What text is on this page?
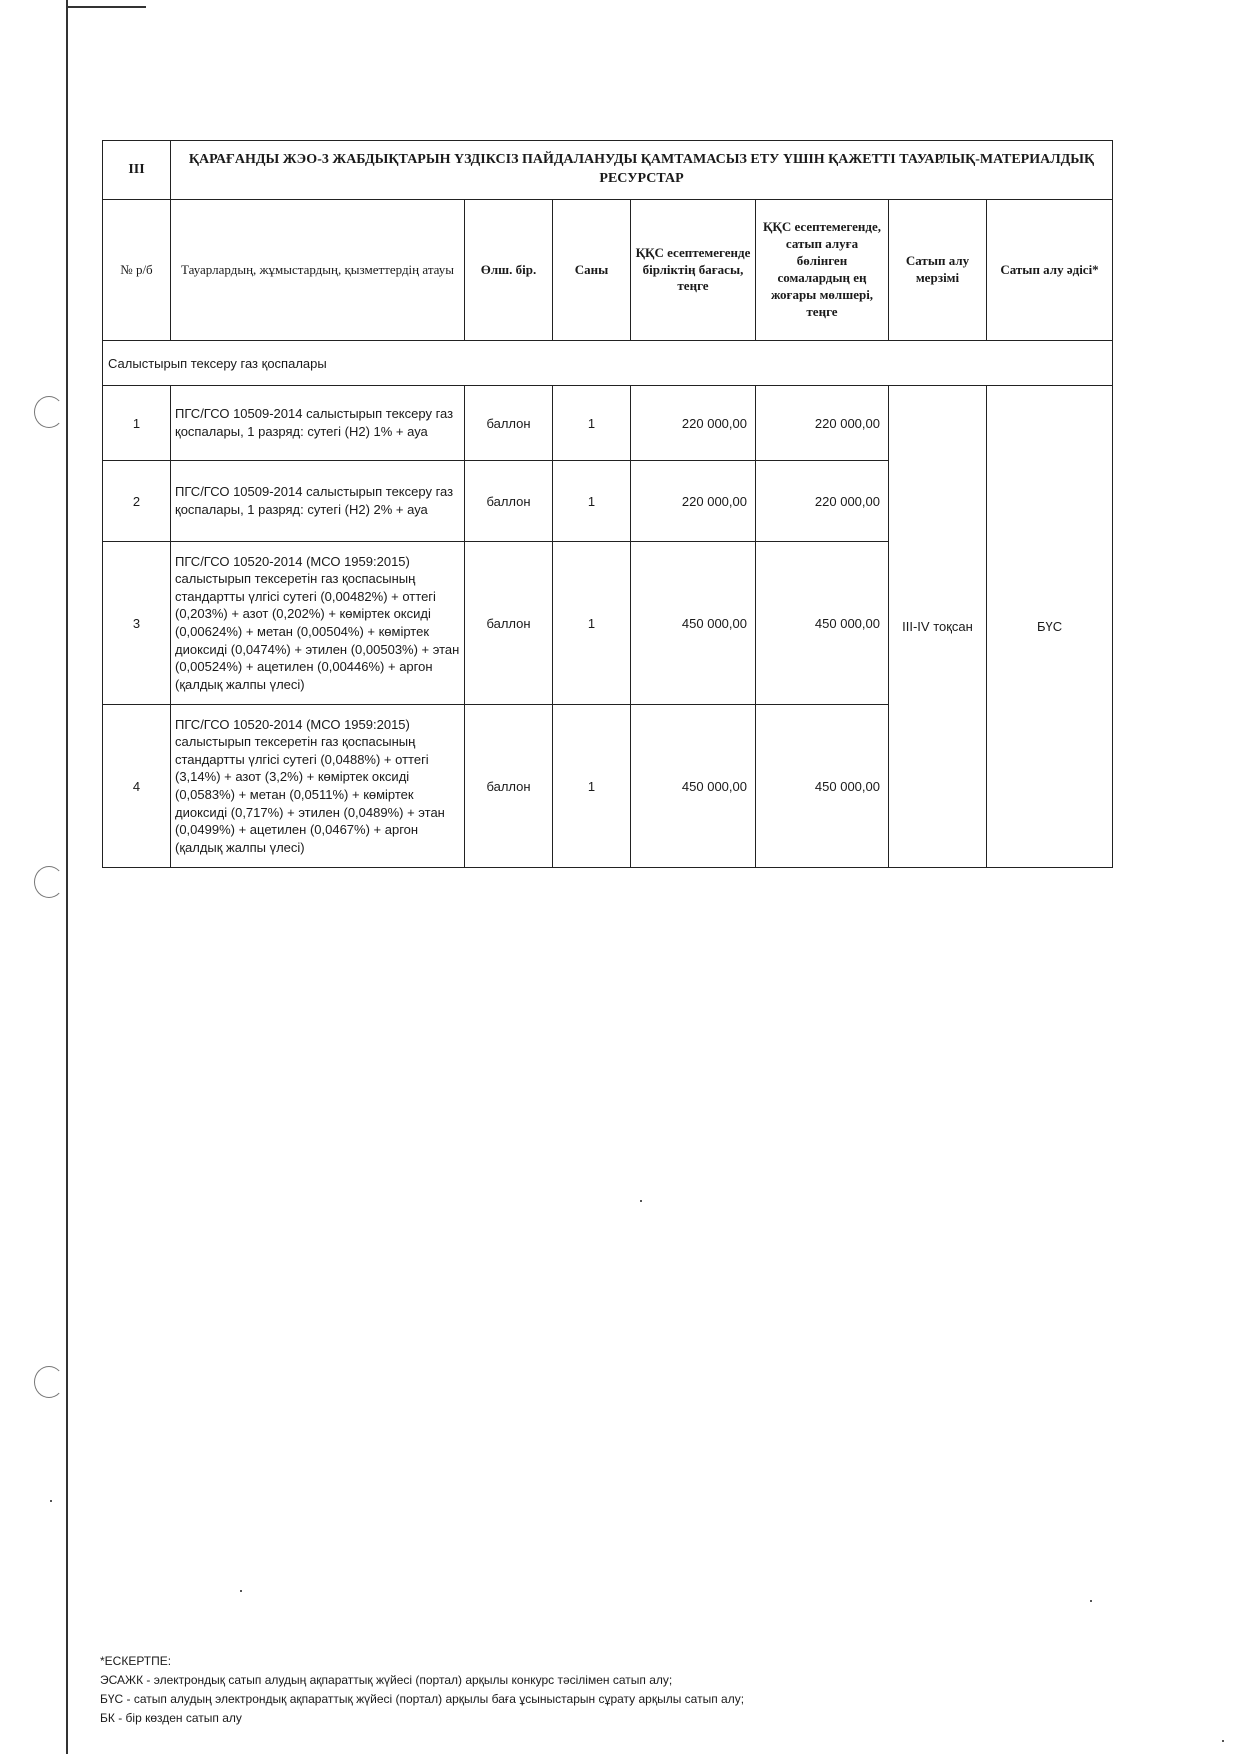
III	ҚАРАҒАНДЫ ЖЭО-3 ЖАБДЫҚТАРЫН ҮЗДІКСІЗ ПАЙДАЛАНУДЫ ҚАМТАМАСЫЗ ЕТУ ҮШІН ҚАЖЕТТІ ТАУАРЛЫҚ-МАТЕРИАЛДЫҚ РЕСУРСТАР						
№ р/б	Тауарлардың, жұмыстардың, қызметтердің атауы	Өлш. бір.	Саны	ҚҚС есептемегенде бірліктің бағасы, теңге	ҚҚС есептемегенде, сатып алуға бөлінген сомалардың ең жоғары мөлшері, теңге	Сатып алу мерзімі	Сатып алу әдісі*
Салыстырып тексеру газ қоспалары							
1	ПГС/ГСО 10509-2014 салыстырып тексеру газ қоспалары, 1 разряд: сутегі (Н2) 1% + ауа	баллон	1	220 000,00	220 000,00	III-IV тоқсан	БҮС
2	ПГС/ГСО 10509-2014 салыстырып тексеру газ қоспалары, 1 разряд: сутегі (Н2) 2% + ауа	баллон	1	220 000,00	220 000,00		
3	ПГС/ГСО 10520-2014 (МСО 1959:2015) салыстырып тексеретін газ қоспасының стандартты үлгісі сутегі (0,00482%) + оттегі (0,203%) + азот (0,202%) + көміртек оксиді (0,00624%) + метан (0,00504%) + көміртек диоксиді (0,0474%) + этилен (0,00503%) + этан (0,00524%) + ацетилен (0,00446%) + аргон (қалдық жалпы үлесі)	баллон	1	450 000,00	450 000,00		
4	ПГС/ГСО 10520-2014 (МСО 1959:2015) салыстырып тексеретін газ қоспасының стандартты үлгісі сутегі (0,0488%) + оттегі (3,14%) + азот (3,2%) + көміртек оксиді (0,0583%) + метан (0,0511%) + көміртек диоксиді (0,717%) + этилен (0,0489%) + этан (0,0499%) + ацетилен (0,0467%) + аргон (қалдық жалпы үлесі)	баллон	1	450 000,00	450 000,00		

*ЕСКЕРТПЕ:

ЭСАЖК - электрондық сатып алудың ақпараттық жүйесі (портал) арқылы конкурс тәсілімен сатып алу;

БҮС - сатып алудың электрондық ақпараттық жүйесі (портал) арқылы баға ұсыныстарын сұрату арқылы сатып алу;

БК - бір көзден сатып алу
